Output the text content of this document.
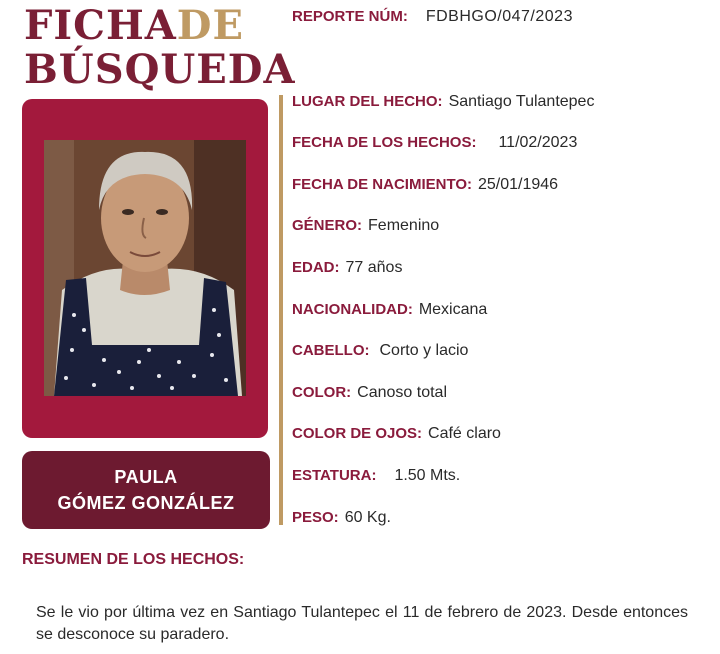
FICHADE
BÚSQUEDA
REPORTE NÚM: FDBHGO/047/2023
PAULA
GÓMEZ GONZÁLEZ
LUGAR DEL HECHO: Santiago Tulantepec
FECHA DE LOS HECHOS: 11/02/2023
FECHA DE NACIMIENTO: 25/01/1946
GÉNERO: Femenino
EDAD: 77 años
NACIONALIDAD: Mexicana
CABELLO: Corto y lacio
COLOR: Canoso total
COLOR DE OJOS: Café claro
ESTATURA: 1.50 Mts.
PESO: 60 Kg.
RESUMEN DE LOS HECHOS:
Se le vio por última vez en Santiago Tulantepec el 11 de febrero de 2023. Desde entonces se desconoce su paradero.
